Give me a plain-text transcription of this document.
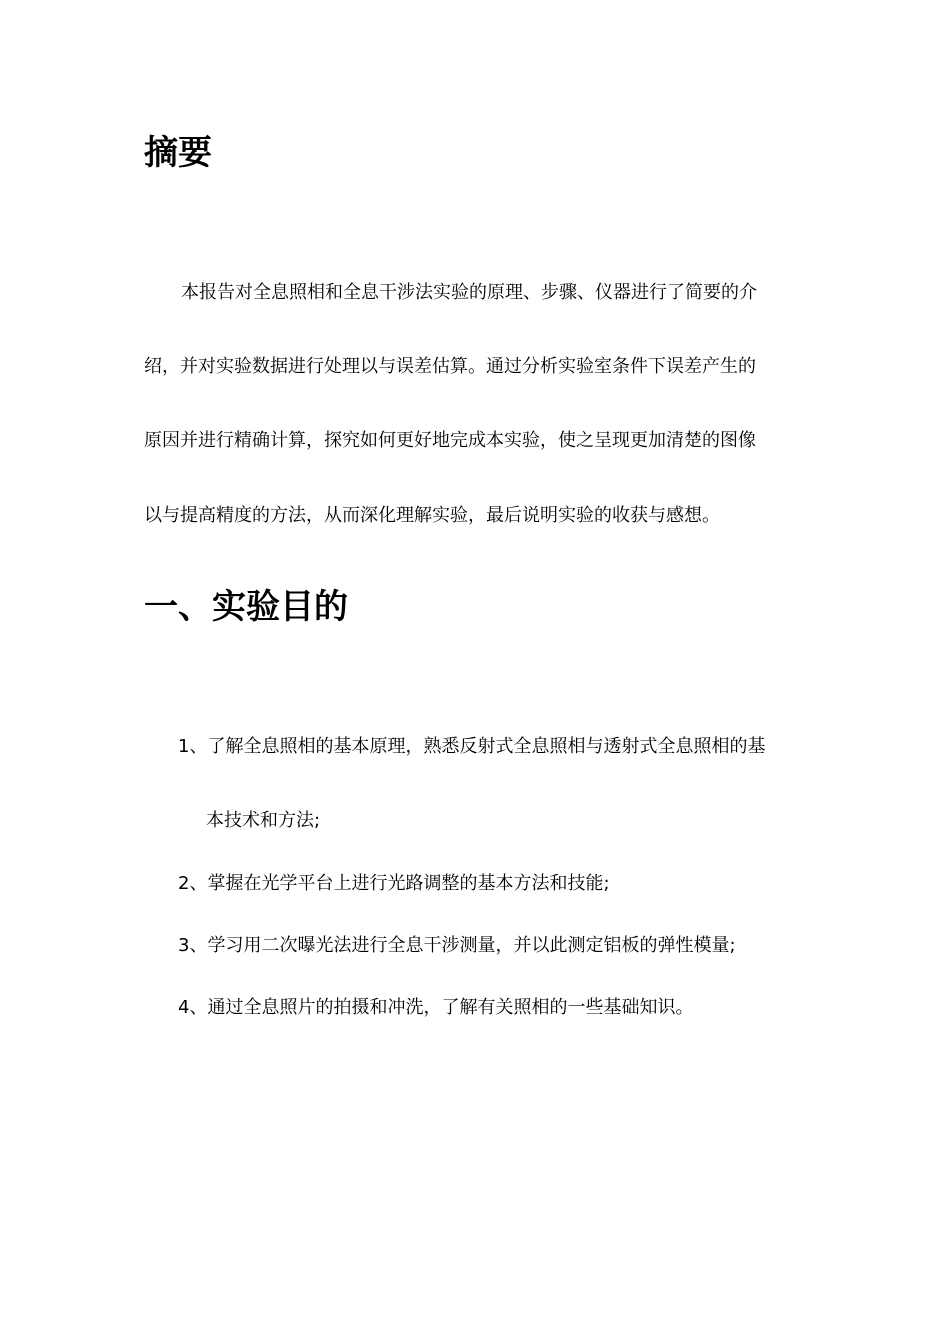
摘要
本报告对全息照相和全息干涉法实验的原理、步骤、仪器进行了简要的介
绍，并对实验数据进行处理以与误差估算。通过分析实验室条件下误差产生的
原因并进行精确计算，探究如何更好地完成本实验，使之呈现更加清楚的图像
以与提高精度的方法，从而深化理解实验，最后说明实验的收获与感想。
一、实验目的
1、了解全息照相的基本原理，熟悉反射式全息照相与透射式全息照相的基
本技术和方法;
2、掌握在光学平台上进行光路调整的基本方法和技能;
3、学习用二次曝光法进行全息干涉测量，并以此测定铝板的弹性模量;
4、通过全息照片的拍摄和冲洗，了解有关照相的一些基础知识。
